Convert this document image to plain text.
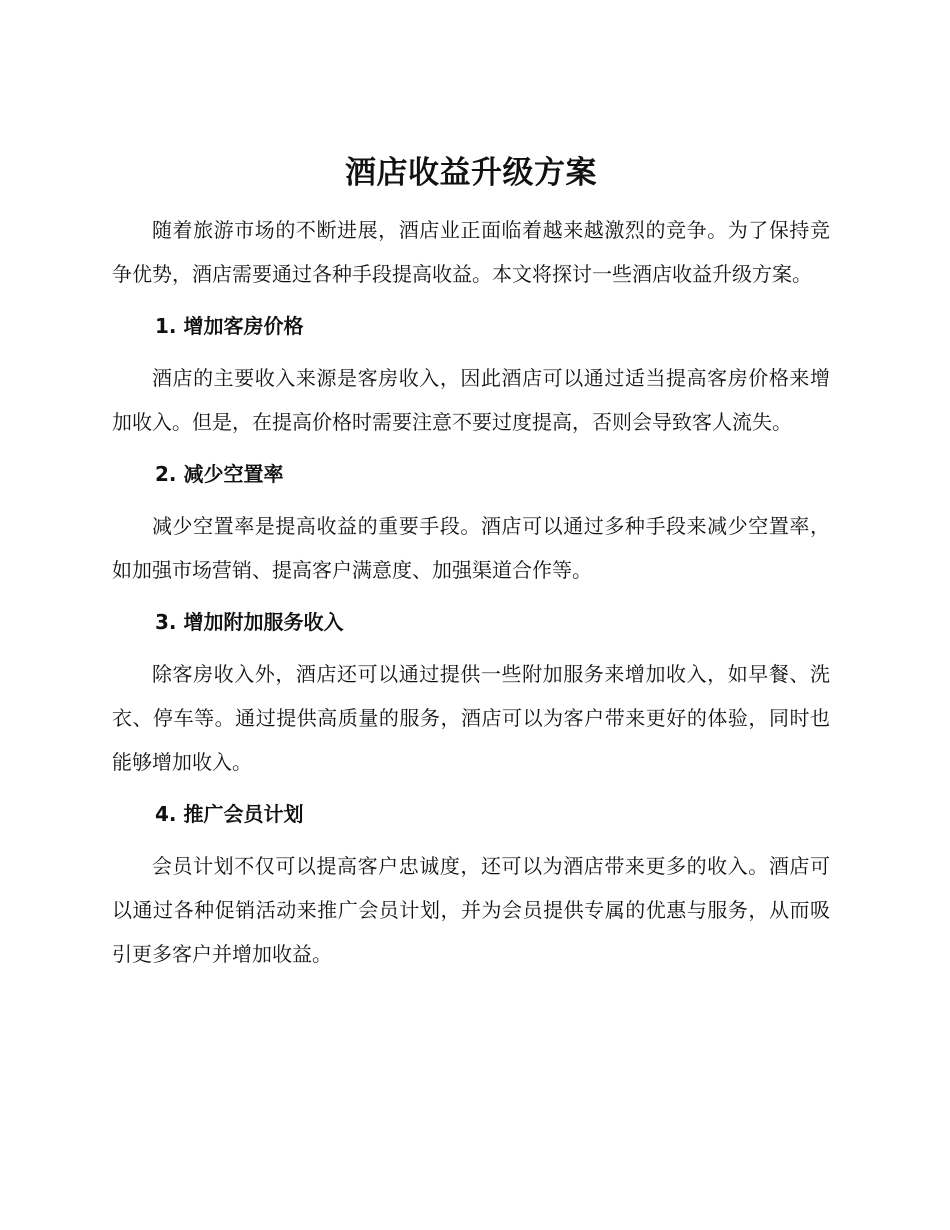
酒店收益升级方案

随着旅游市场的不断进展，酒店业正面临着越来越激烈的竞争。为了保持竞争优势，酒店需要通过各种手段提高收益。本文将探讨一些酒店收益升级方案。

1. 增加客房价格

酒店的主要收入来源是客房收入，因此酒店可以通过适当提高客房价格来增加收入。但是，在提高价格时需要注意不要过度提高，否则会导致客人流失。

2. 减少空置率

减少空置率是提高收益的重要手段。酒店可以通过多种手段来减少空置率，如加强市场营销、提高客户满意度、加强渠道合作等。

3. 增加附加服务收入

除客房收入外，酒店还可以通过提供一些附加服务来增加收入，如早餐、洗衣、停车等。通过提供高质量的服务，酒店可以为客户带来更好的体验，同时也能够增加收入。

4. 推广会员计划

会员计划不仅可以提高客户忠诚度，还可以为酒店带来更多的收入。酒店可以通过各种促销活动来推广会员计划，并为会员提供专属的优惠与服务，从而吸引更多客户并增加收益。
